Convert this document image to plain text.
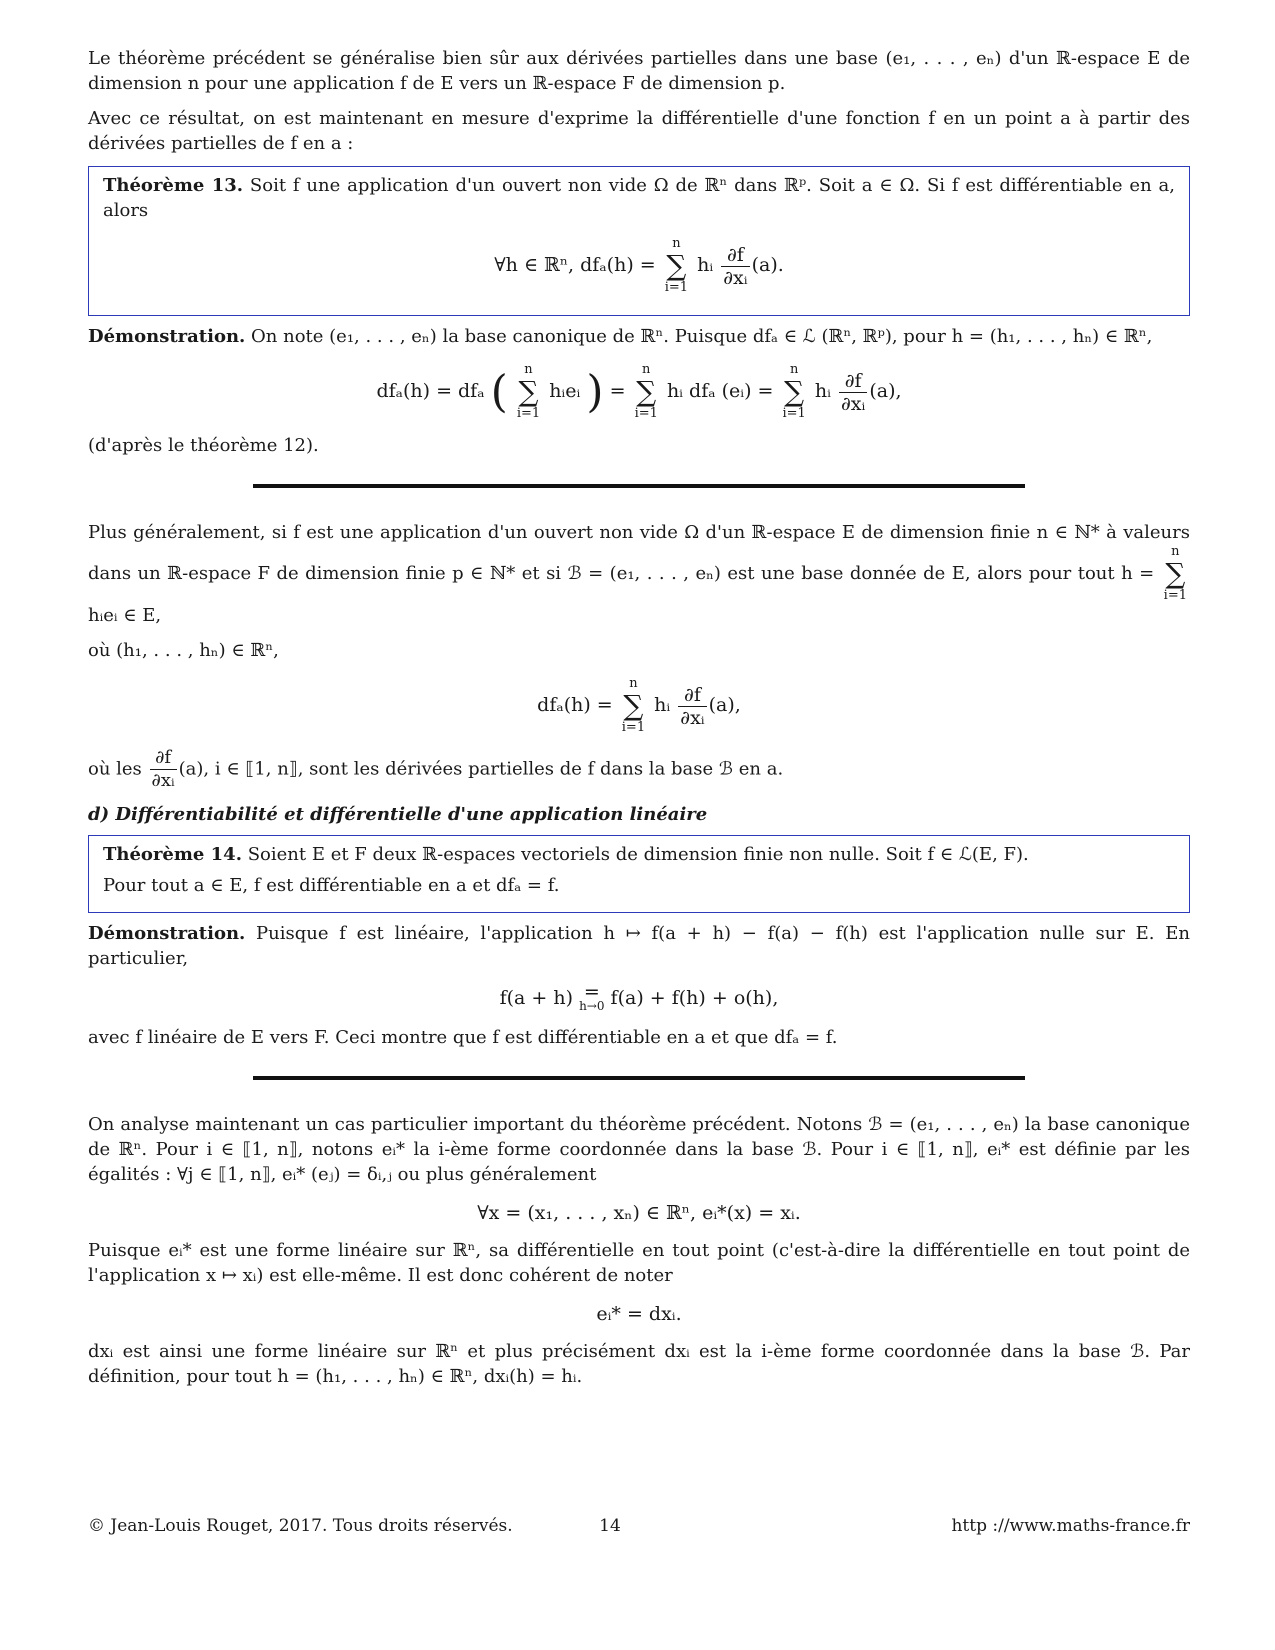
Le théorème précédent se généralise bien sûr aux dérivées partielles dans une base (e₁, . . . , eₙ) d'un ℝ-espace E de dimension n pour une application f de E vers un ℝ-espace F de dimension p.

Avec ce résultat, on est maintenant en mesure d'exprime la différentielle d'une fonction f en un point a à partir des dérivées partielles de f en a :

Théorème 13. Soit f une application d'un ouvert non vide Ω de ℝⁿ dans ℝᵖ. Soit a ∈ Ω. Si f est différentiable en a, alors

∀h ∈ ℝⁿ, dfₐ(h) =
n
∑
i=1
hᵢ $\frac{\partial f}{\text{∂xᵢ}} (a)$.

Démonstration. On note (e₁, . . . , eₙ) la base canonique de ℝⁿ. Puisque dfₐ ∈ ℒ (ℝⁿ, ℝᵖ), pour h = (h₁, . . . , hₙ) ∈ ℝⁿ,

dfₐ(h) = dfₐ (	n
∑
i=1
hᵢeᵢ ) =
n
∑
i=1
hᵢ dfₐ (eᵢ) =
n
∑
i=1
hᵢ $\frac{\partial f}{\text{∂xᵢ}} (a)$,

(d'après le théorème 12).

Plus généralement, si f est une application d'un ouvert non vide Ω d'un ℝ-espace E de dimension finie n ∈ ℕ* à valeurs dans un ℝ-espace F de dimension finie p ∈ ℕ* et si ℬ = (e₁, . . . , eₙ) est une base donnée de E, alors pour tout h =
n
∑
i=1
hᵢeᵢ ∈ E,

où (h₁, . . . , hₙ) ∈ ℝⁿ,

dfₐ(h) =
n
∑
i=1
hᵢ $\frac{\partial f}{\text{∂xᵢ}} (a)$,

où les $\frac{\partial f}{\text{∂xᵢ}} (a)$, i ∈ ⟦1, n⟧, sont les dérivées partielles de f dans la base ℬ en a.

d) Différentiabilité et différentielle d'une application linéaire

Théorème 14. Soient E et F deux ℝ-espaces vectoriels de dimension finie non nulle. Soit f ∈ ℒ(E, F).

Pour tout a ∈ E, f est différentiable en a et dfₐ = f.

Démonstration. Puisque f est linéaire, l'application h ↦ f(a + h) − f(a) − f(h) est l'application nulle sur E. En particulier,

f(a + h) =
h→0 f(a) + f(h) + o(h),

avec f linéaire de E vers F. Ceci montre que f est différentiable en a et que dfₐ = f.

On analyse maintenant un cas particulier important du théorème précédent. Notons ℬ = (e₁, . . . , eₙ) la base canonique de ℝⁿ. Pour i ∈ ⟦1, n⟧, notons eᵢ* la i-ème forme coordonnée dans la base ℬ. Pour i ∈ ⟦1, n⟧, eᵢ* est définie par les égalités : ∀j ∈ ⟦1, n⟧, eᵢ* (eⱼ) = δᵢ,ⱼ ou plus généralement

∀x = (x₁, . . . , xₙ) ∈ ℝⁿ, eᵢ*(x) = xᵢ.

Puisque eᵢ* est une forme linéaire sur ℝⁿ, sa différentielle en tout point (c'est-à-dire la différentielle en tout point de l'application x ↦ xᵢ) est elle-même. Il est donc cohérent de noter

eᵢ* = dxᵢ.

dxᵢ est ainsi une forme linéaire sur ℝⁿ et plus précisément dxᵢ est la i-ème forme coordonnée dans la base ℬ. Par définition, pour tout h = (h₁, . . . , hₙ) ∈ ℝⁿ, dxᵢ(h) = hᵢ.

© Jean-Louis Rouget, 2017. Tous droits réservés.	14	http ://www.maths-france.fr
